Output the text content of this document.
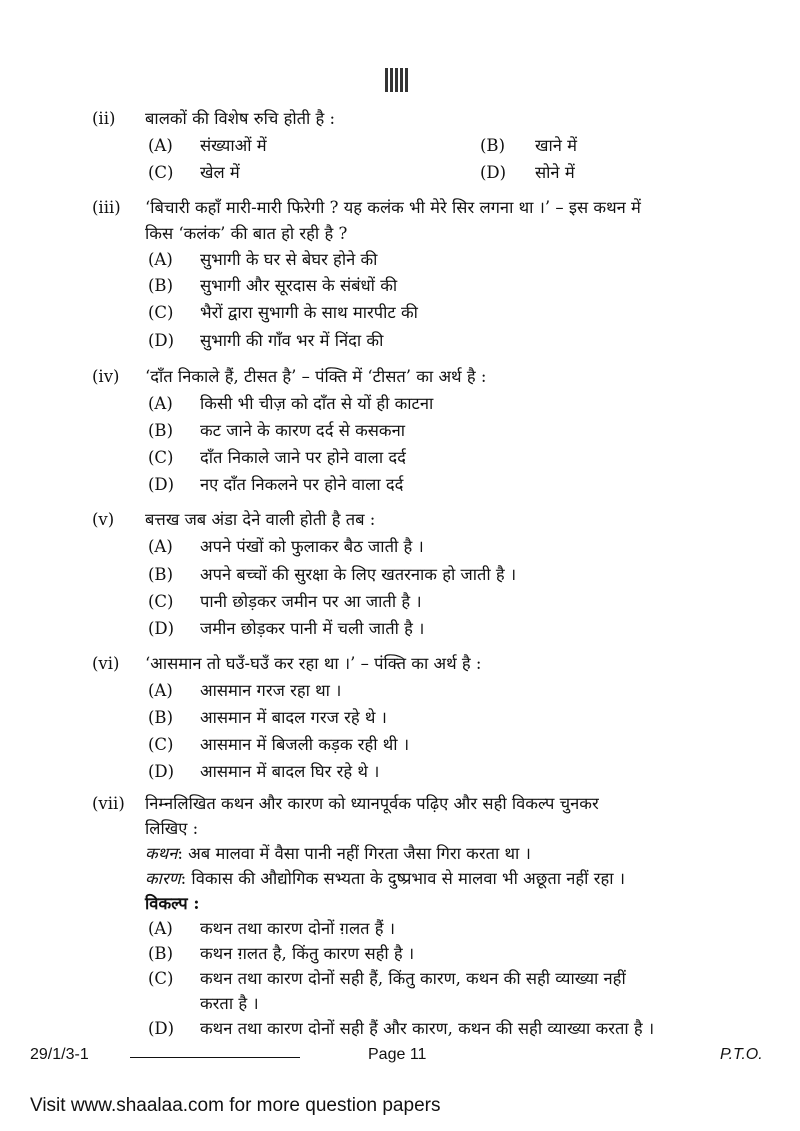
(ii) बालकों की विशेष रुचि होती है :
(A) संख्याओं में	(B) खाने में
(C) खेल में	(D) सोने में
(iii) ‘बिचारी कहाँ मारी-मारी फिरेगी ? यह कलंक भी मेरे सिर लगना था ।’ – इस कथन में
किस ‘कलंक’ की बात हो रही है ?
(A) सुभागी के घर से बेघर होने की
(B) सुभागी और सूरदास के संबंधों की
(C) भैरों द्वारा सुभागी के साथ मारपीट की
(D) सुभागी की गाँव भर में निंदा की
(iv) ‘दाँत निकाले हैं, टीसत है’ – पंक्ति में ‘टीसत’ का अर्थ है :
(A) किसी भी चीज़ को दाँत से यों ही काटना
(B) कट जाने के कारण दर्द से कसकना
(C) दाँत निकाले जाने पर होने वाला दर्द
(D) नए दाँत निकलने पर होने वाला दर्द
(v) बत्तख जब अंडा देने वाली होती है तब :
(A) अपने पंखों को फुलाकर बैठ जाती है ।
(B) अपने बच्चों की सुरक्षा के लिए खतरनाक हो जाती है ।
(C) पानी छोड़कर जमीन पर आ जाती है ।
(D) जमीन छोड़कर पानी में चली जाती है ।
(vi) ‘आसमान तो घउँ-घउँ कर रहा था ।’ – पंक्ति का अर्थ है :
(A) आसमान गरज रहा था ।
(B) आसमान में बादल गरज रहे थे ।
(C) आसमान में बिजली कड़क रही थी ।
(D) आसमान में बादल घिर रहे थे ।
(vii) निम्नलिखित कथन और कारण को ध्यानपूर्वक पढ़िए और सही विकल्प चुनकर
लिखिए :
कथन: अब मालवा में वैसा पानी नहीं गिरता जैसा गिरा करता था ।
कारण: विकास की औद्योगिक सभ्यता के दुष्प्रभाव से मालवा भी अछूता नहीं रहा ।
विकल्प :
(A) कथन तथा कारण दोनों ग़लत हैं ।
(B) कथन ग़लत है, किंतु कारण सही है ।
(C) कथन तथा कारण दोनों सही हैं, किंतु कारण, कथन की सही व्याख्या नहीं
करता है ।
(D) कथन तथा कारण दोनों सही हैं और कारण, कथन की सही व्याख्या करता है ।
29/1/3-1	Page 11	P.T.O.
Visit www.shaalaa.com for more question papers
